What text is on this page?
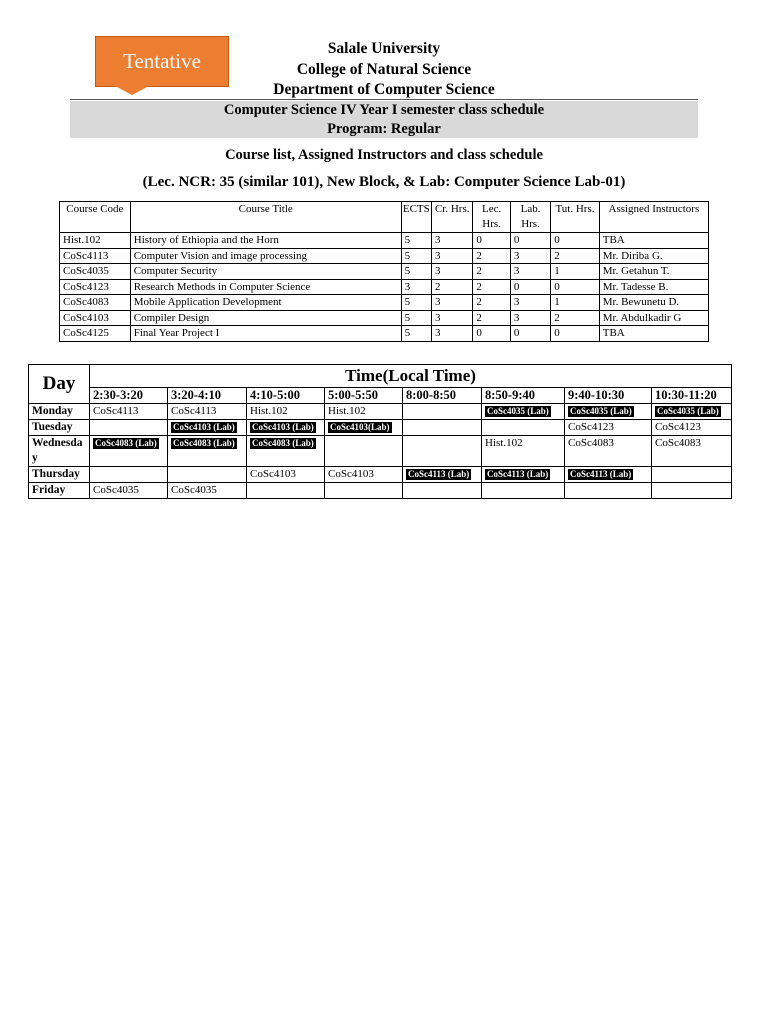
Tentative
Salale University
College of Natural Science
Department of Computer Science
Computer Science IV Year I semester class schedule
Program: Regular
Course list, Assigned Instructors and class schedule
(Lec. NCR: 35 (similar 101), New Block, & Lab: Computer Science Lab-01)
Course Code	Course Title	ECTS	Cr. Hrs.	Lec. Hrs.	Lab. Hrs.	Tut. Hrs.	Assigned Instructors
Hist.102	History of Ethiopia and the Horn	5	3	0	0	0	TBA
CoSc4113	Computer Vision and image processing	5	3	2	3	2	Mr. Diriba G.
CoSc4035	Computer Security	5	3	2	3	1	Mr. Getahun T.
CoSc4123	Research Methods in Computer Science	3	2	2	0	0	Mr. Tadesse B.
CoSc4083	Mobile Application Development	5	3	2	3	1	Mr. Bewunetu D.
CoSc4103	Compiler Design	5	3	2	3	2	Mr. Abdulkadir G
CoSc4125	Final Year Project I	5	3	0	0	0	TBA
Day	Time(Local Time)							
	2:30-3:20	3:20-4:10	4:10-5:00	5:00-5:50	8:00-8:50	8:50-9:40	9:40-10:30	10:30-11:20
Monday	CoSc4113	CoSc4113	Hist.102	Hist.102		CoSc4035 (Lab)	CoSc4035 (Lab)	CoSc4035 (Lab)
Tuesday		CoSc4103 (Lab)	CoSc4103 (Lab)	CoSc4103(Lab)			CoSc4123	CoSc4123
Wednesday	CoSc4083 (Lab)	CoSc4083 (Lab)	CoSc4083 (Lab)			Hist.102	CoSc4083	CoSc4083
Thursday			CoSc4103	CoSc4103	CoSc4113 (Lab)	CoSc4113 (Lab)	CoSc4113 (Lab)	
Friday	CoSc4035	CoSc4035						
